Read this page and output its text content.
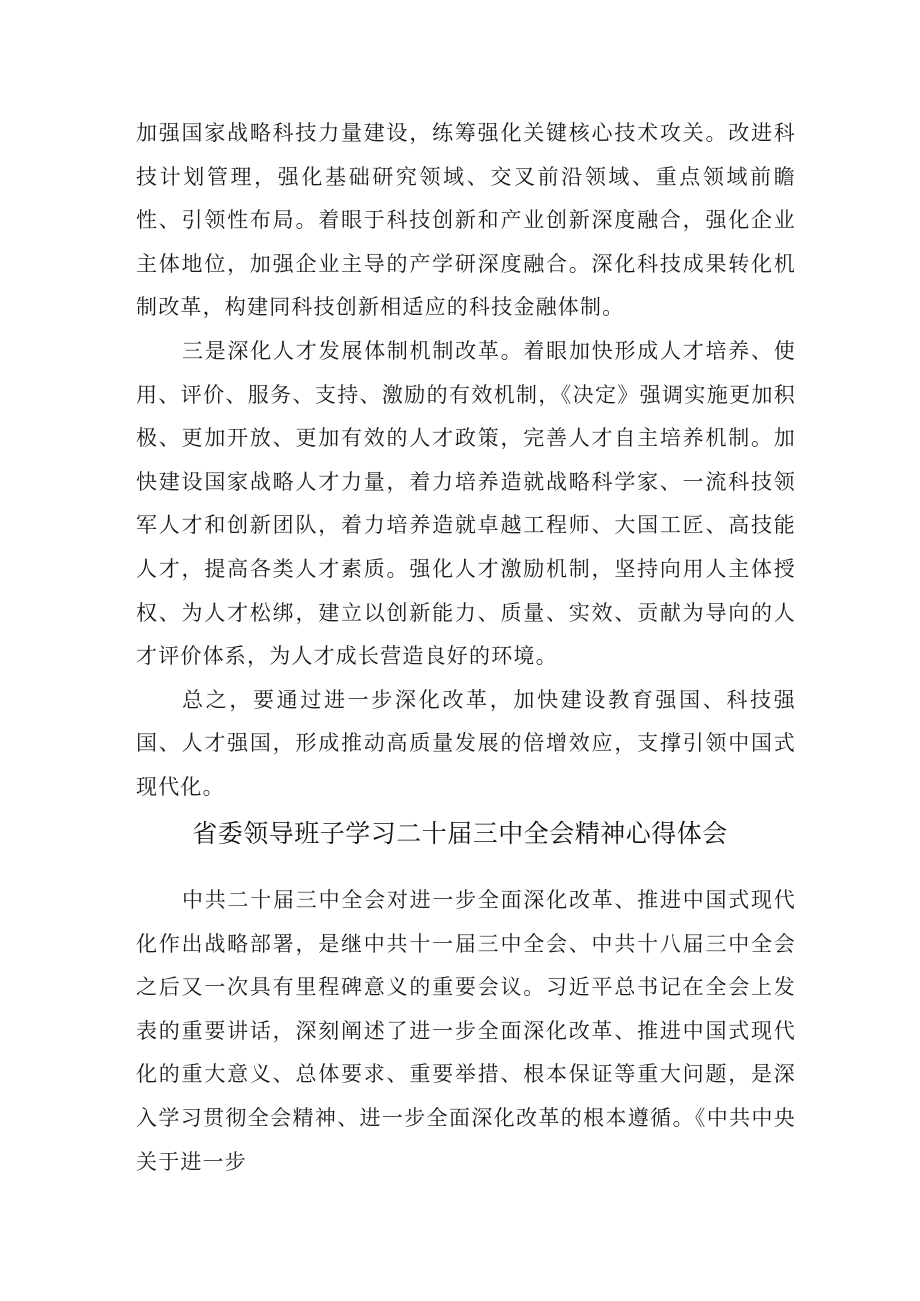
加强国家战略科技力量建设，练筹强化关键核心技术攻关。改进科技计划管理，强化基础研究领域、交叉前沿领域、重点领域前瞻性、引领性布局。着眼于科技创新和产业创新深度融合，强化企业主体地位，加强企业主导的产学研深度融合。深化科技成果转化机制改革，构建同科技创新相适应的科技金融体制。

三是深化人才发展体制机制改革。着眼加快形成人才培养、使用、评价、服务、支持、激励的有效机制，《决定》强调实施更加积极、更加开放、更加有效的人才政策，完善人才自主培养机制。加快建设国家战略人才力量，着力培养造就战略科学家、一流科技领军人才和创新团队，着力培养造就卓越工程师、大国工匠、高技能人才，提高各类人才素质。强化人才激励机制，坚持向用人主体授权、为人才松绑，建立以创新能力、质量、实效、贡献为导向的人才评价体系，为人才成长营造良好的环境。

总之，要通过进一步深化改革，加快建设教育强国、科技强国、人才强国，形成推动高质量发展的倍增效应，支撑引领中国式现代化。

省委领导班子学习二十届三中全会精神心得体会

中共二十届三中全会对进一步全面深化改革、推进中国式现代化作出战略部署，是继中共十一届三中全会、中共十八届三中全会之后又一次具有里程碑意义的重要会议。习近平总书记在全会上发表的重要讲话，深刻阐述了进一步全面深化改革、推进中国式现代化的重大意义、总体要求、重要举措、根本保证等重大问题，是深入学习贯彻全会精神、进一步全面深化改革的根本遵循。《中共中央关于进一步
